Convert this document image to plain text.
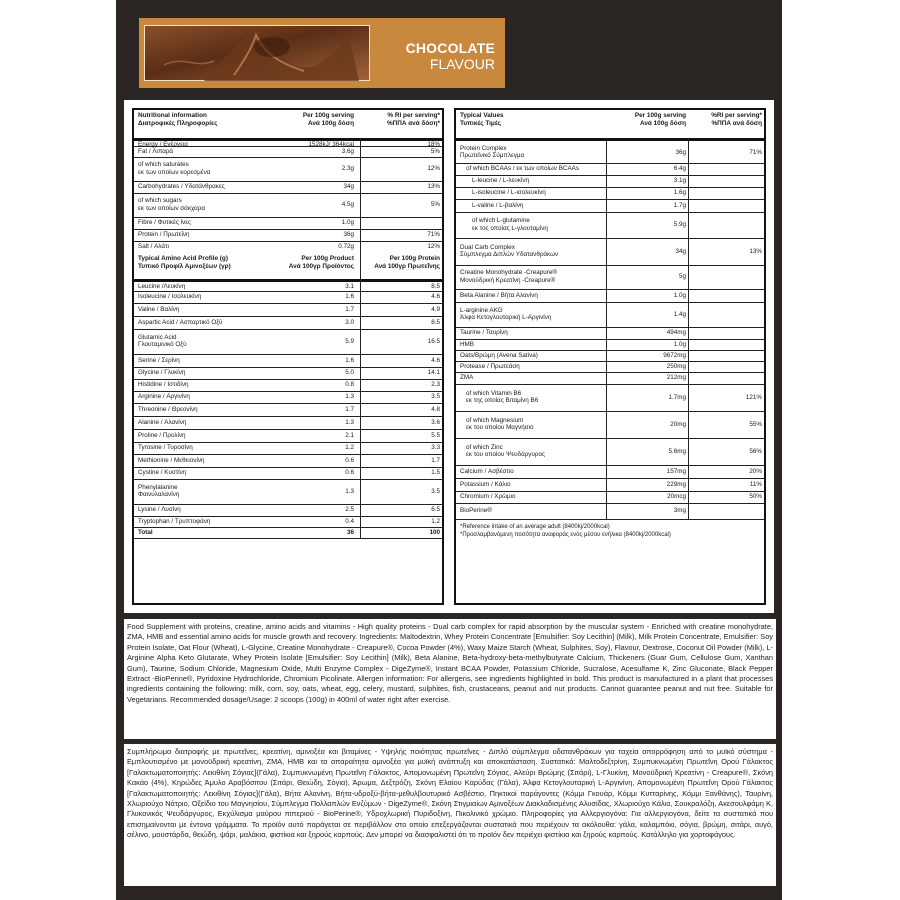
CHOCOLATE
FLAVOUR
Nutritional information
Διατροφικές Πληροφορίες
Per 100g serving
Ανά 100g δόση
% RI per serving*
%ΠΠΑ ανά δόση*
Energy / Ενέργεια	1528kJ/ 364kcal	18%
Fat / Λιπαρά	3.6g	5%
of which saturates
εκ των οποίων κορεσμένα
2.3g	12%
Carbohydrates / Υδατάνθρακες	34g	13%
of which sugars
εκ των οποίων σάκχαρα
4.5g	5%
Fibre / Φυτικές ίνες	1.0g
Protein / Πρωτεΐνη	36g	71%
Salt / Αλάτι	0.72g	12%
Typical Amino Acid Profile (g)
Τυπικό Προφίλ Αμινοξέων (γρ)
Per 100g Product
Ανά 100γρ Προϊόντος
Per 100g Protein
Ανά 100γρ Πρωτεΐνης
Leucine /Λευκίνη	3.1	8.5
Isoleucine / Ισολευκίνη	1.6	4.6
Valine / Βαλίνη	1.7	4.9
Aspartic Acid / Ασπαρτικό Οξύ	3.0	8.5
Glutamic Acid
Γλουταμινικό Οξύ
5.9	16.5
Serine / Σερίνη	1.6	4.6
Glycine / Γλυκίνη	5.0	14.1
Histidine / Ιστιδίνη	0.8	2.3
Arginine / Αργινίνη	1.3	3.5
Threonine / Θρεονίνη	1.7	4.8
Alanine / Αλανίνη	1.3	3.6
Proline / Προλίνη	2.1	5.5
Tyrosine / Τυροσίνη	1.2	3.3
Methionine / Μεθειονίνη	0.6	1.7
Cystine / Κυστίνη	0.6	1.5
Phenylalanine
Φαινυλαλανίνη
1.3	3.5
Lysine / Λυσίνη	2.5	6.5
Tryptophan / Τρυπτοφάνη	0.4	1.2
Total	36	100
Typical Values
Τυπικές Τιμές
Per 100g serving
Ανά 100g δόση
%RI per serving*
%ΠΠΑ ανά δόση
Protein Complex
Πρωτεϊνικό Σύμπλεγμα
36g	71%
of which BCAAs / εκ των οποίων BCAAs	6.4g
L-leucine / L-λευκίνη	3.1g
L-isoleucine / L-ισολευκίνη	1.6g
L-valine / L-βαλίνη	1.7g
of which L-glutamine
εκ τος οποίας L-γλουταμίνη
5.9g
Dual Carb Complex
Σύμπλεγμα Διπλών Υδατανθράκων
34g	13%
Creatine Monohydrate -Creapure®
Μονοϋδρική Κρεατίνη -Creapure®
5g
Beta Alanine / Βήτα Αλανίνη	1.0g
L-arginine AKG
Άλφα Κετογλουταρική L-Αργινίνη
1.4g
Taurine / Ταυρίνη	494mg
HMB	1.0g
Oats/Βρώμη (Avena Sativa)	9672mg
Protease / Πρωτεάση	250mg
ZMA	212mg
of which Vitamin B6
εκ της οποίας Βιταμίνη Β6
1.7mg	121%
of which Magnesium
εκ του οποίου Μαγνήσιο
20mg	55%
of which Zinc
εκ του οποίου Ψευδάργυρος
5.6mg	56%
Calcium / Ασβέστιο	157mg	20%
Potassium / Κάλιο	229mg	11%
Chromium / Χρώμιο	20mcg	50%
BioPerine®	3mg
*Reference intake of an average adult (8400kj/2000kcal)
*Προσλαμβανόμενη ποσότητα αναφοράς ενός μέσου ενήλικα (8400kj/2000kcal)
Food Supplement with proteins, creatine, amino acids and vitamins - High quality proteins - Dual carb complex for rapid absorption by the muscular system - Enriched with creatine monohydrate, ZMA, HMB and essential amino acids for muscle growth and recovery. Ingredients: Maltodextrin, Whey Protein Concentrate [Emulsifier: Soy Lecithin] (Milk), Milk Protein Concentrate, Emulsifier: Soy Protein Isolate, Oat Flour (Wheat), L-Glycine, Creatine Monohydrate - Creapure®, Cocoa Powder (4%), Waxy Maize Starch (Wheat, Sulphites, Soy), Flavour, Dextrose, Coconut Oil Powder (Milk), L-Arginine Alpha Keto Glutarate, Whey Protein Isolate [Emulsifier: Soy Lecithin] (Milk), Beta Alanine, Beta-hydroxy-beta-methylbutyrate Calcium, Thickeners (Guar Gum, Cellulose Gum, Xanthan Gum), Taurine, Sodium Chloride, Magnesium Oxide, Multi Enzyme Complex - DigeZyme®, Instant BCAA Powder, Potassium Chloride, Sucralose, Acesulfame K, Zinc Gluconate, Black Pepper Extract -BioPerine®, Pyridoxine Hydrochloride, Chromium Picolinate. Allergen information: For allergens, see ingredients highlighted in bold. This product is manufactured in a plant that processes ingredients containing the following: milk, corn, soy, oats, wheat, egg, celery, mustard, sulphites, fish, crustaceans, peanut and nut products. Cannot guarantee peanut and nut free. Suitable for Vegetarians. Recommended dosage/Usage: 2 scoops (100g) in 400ml of water right after exercise.
Συμπλήρωμα διατροφής με πρωτεΐνες, κρεατίνη, αμινοξέα και βιταμίνες - Υψηλής ποιότητας πρωτεΐνες - Διπλό σύμπλεγμα υδατανθράκων για ταχεία απορρόφηση από το μυϊκό σύστημα - Εμπλουτισμένο με μονοϋδρική κρεατίνη, ZMA, HMB και τα απαραίτητα αμινοξέα για μυϊκή ανάπτυξη και αποκατάσταση. Συστατικά: Μαλτοδεξτρίνη, Συμπυκνωμένη Πρωτεΐνη Ορού Γάλακτος [Γαλακτωματοποιητής: Λεκιθίνη Σόγιας](Γάλα), Συμπυκνωμένη Πρωτεΐνη Γάλακτος, Απομονωμένη Πρωτεΐνη Σόγιας, Αλεύρι Βρώμης (Σιτάρι), L-Γλυκίνη, Μονοϋδρική Κρεατίνη - Creapure®, Σκόνη Κακάο (4%), Κηρώδες Άμυλο Αραβόσιτου (Σιτάρι, Θειώδη, Σόγια), Άρωμα, Δεξτρόζη, Σκόνη Ελαίου Καρύδας (Γάλα), Άλφα Κετογλουταρική L-Αργινίνη, Απομονωμένη Πρωτεΐνη Ορού Γάλακτος [Γαλακτωματοποιητής: Λεκιθίνη Σόγιας](Γάλα), Βήτα Αλανίνη, Βήτα-υδροξύ-βήτα-μεθυλβουτυρικό Ασβέστιο, Πηκτικοί παράγοντες (Κόμμι Γκουάρ, Κόμμι Κυτταρίνης, Κόμμι Ξανθάνης), Ταυρίνη, Χλωριούχο Νάτριο, Οξείδιο του Μαγνησίου, Σύμπλεγμα Πολλαπλών Ενζύμων - DigeZyme®, Σκόνη Στιγμιαίων Αμινοξέων Διακλαδισμένης Αλυσίδας, Χλωριούχο Κάλιο, Σουκραλόζη, Ακεσουλφάμη Κ, Γλυκονικός Ψευδάργυρος, Εκχύλισμα μαύρου πιπεριού - BioPerine®, Υδροχλωρική Πυριδοξίνη, Πικολινικό χρώμιο. Πληροφορίες για Αλλεργιογόνα: Για αλλεργιογόνα, δείτε τα συστατικά που επισημαίνονται με έντονα γράμματα. Το προϊόν αυτό παράγεται σε περιβάλλον στο οποίο επεξεργάζονται συστατικά που περιέχουν τα ακόλουθα: γάλα, καλαμπόκι, σόγια, βρώμη, σιτάρι, αυγό, σέλινο, μουστάρδα, θειώδη, ψάρι, μαλάκια, φιστίκια και ξηρούς καρπούς. Δεν μπορεί να διασφαλιστεί ότι το προϊόν δεν περιέχει φιστίκια και ξηρούς καρπούς. Κατάλληλο για χορτοφάγους.
